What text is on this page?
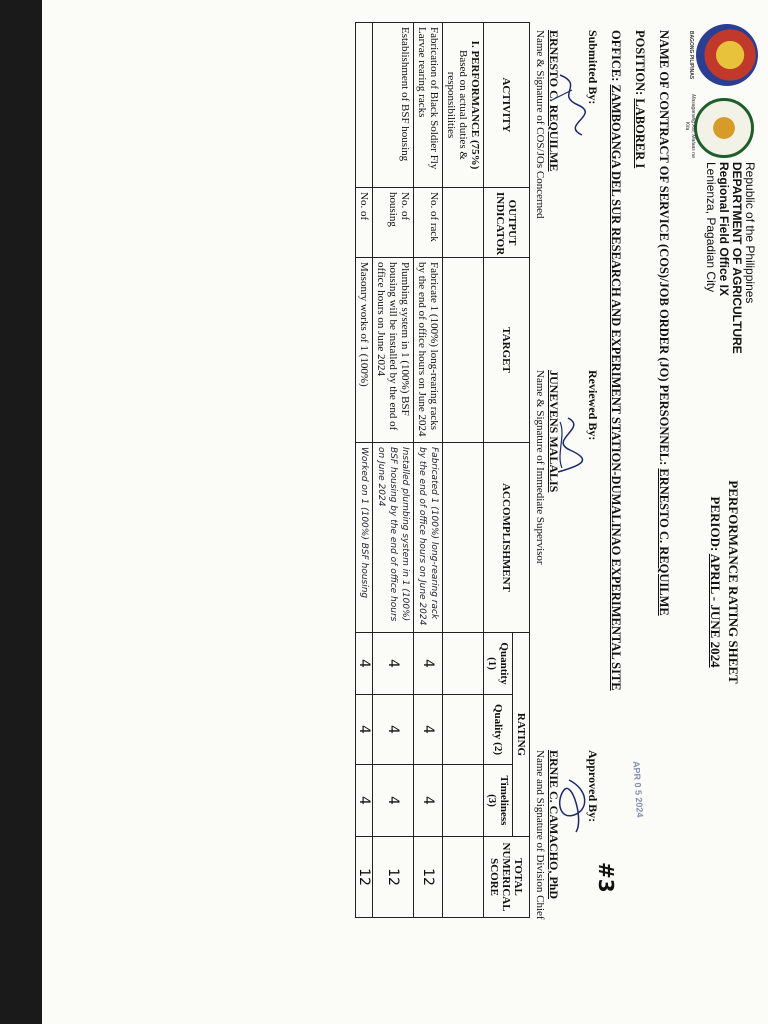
BAGONG PILIPINAS
Masaganang Ani, Mataas na Kita
Republic of the Philippines
DEPARTMENT OF AGRICULTURE
Regional Field Office IX
Lenienza, Pagadian City
PERFORMANCE RATING SHEET
PERIOD: APRIL - JUNE 2024
NAME OF CONTRACT OF SERVICE (COS)/JOB ORDER (JO) PERSONNEL: ERNESTO C. REQUILME
POSITION: LABORER I
OFFICE: ZAMBOANGA DEL SUR RESEARCH AND EXPERIMENT STATION-DUMALINAO EXPERIMENTAL SITE
APR 0 5 2024
#3
Submitted By:
ERNESTO C. REQUILME
Name & Signature of COS/JOs Concerned
Reviewed By:
JUNEVENS MALALIS
Name & Signature of Immediate Supervisor
Approved By:
ERNIE C. CAMACHO, PhD
Name and Signature of Division Chief
ACTIVITY	OUTPUT INDICATOR	TARGET	ACCOMPLISHMENT	RATING			TOTAL NUMERICAL SCORE
				Quantity (1)	Quality (2)	Timeliness (3)	

I. PERFORMANCE (75%)
Based on actual duties & responsibilities							

Fabrication of Black Soldier Fly Larvae rearing racks	No. of rack	Fabricate 1 (100%) long-rearing racks by the end of office hours on June 2024	Fabricated 1 (100%) long-rearing rack by the end of office hours on June 2024	4	4	4	12
Establishment of BSF housing	No. of housing	Plumbing system in 1 (100%) BSF housing will be installed by the end of office hours on June 2024	Installed plumbing system in 1 (100%) BSF housing by the end of office hours on June 2024	4	4	4	12
	No. of	Masonry works of 1 (100%)	Worked on 1 (100%) BSF housing	4	4	4	12
